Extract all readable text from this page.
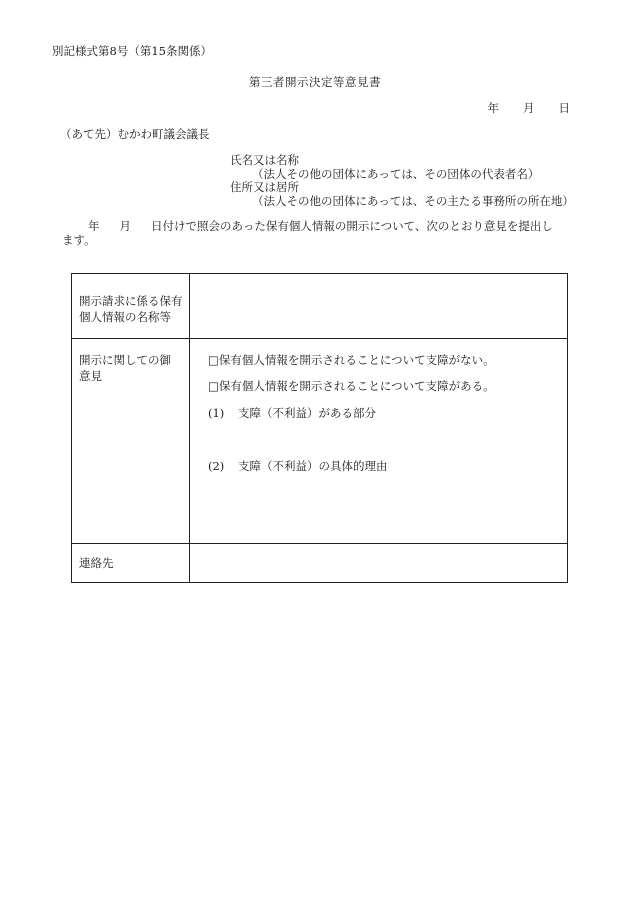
別記様式第8号（第15条関係）
第三者開示決定等意見書
年 月 日
（あて先）むかわ町議会議長
氏名又は名称
（法人その他の団体にあっては、その団体の代表者名）
住所又は居所
（法人その他の団体にあっては、その主たる事務所の所在地）
年 月 日付けで照会のあった保有個人情報の開示について、次のとおり意見を提出し
ます。
開示請求に係る保有個人情報の名称等
開示に関しての御意見
□保有個人情報を開示されることについて支障がない。
□保有個人情報を開示されることについて支障がある。
(1) 支障（不利益）がある部分
(2) 支障（不利益）の具体的理由
連絡先
